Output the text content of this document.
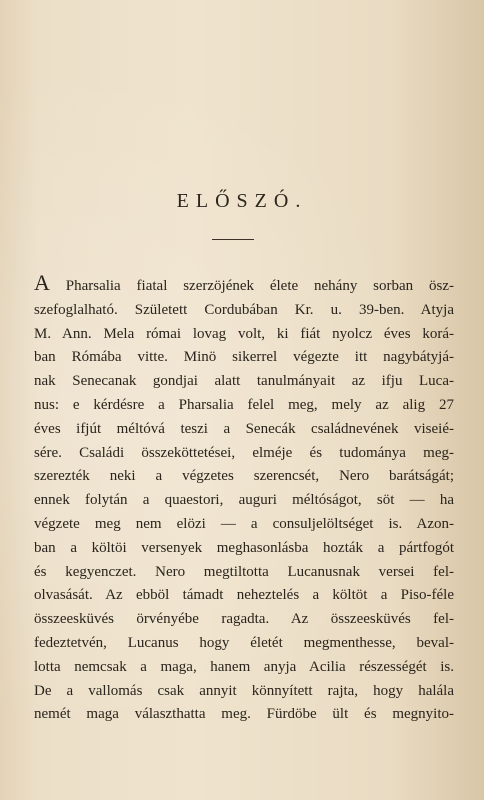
ELŐSZÓ.
A Pharsalia fiatal szerzöjének élete nehány sorban ösz-
szefoglalható. Született Cordubában Kr. u. 39-ben. Atyja
M. Ann. Mela római lovag volt, ki fiát nyolcz éves korá-
ban Rómába vitte. Minö sikerrel végezte itt nagybátyjá-
nak Senecanak gondjai alatt tanulmányait az ifju Lucа-
nus: e kérdésre a Pharsalia felel meg, mely az alig 27
éves ifjút méltóvá teszi a Senecák családnevének viseié-
sére. Családi összeköttetései, elméje és tudománya meg-
szerezték neki a végzetes szerencsét, Nero barátságát;
ennek folytán a quaestori, auguri méltóságot, söt — ha
végzete meg nem elözi — a consuljelöltséget is. Azon-
ban a költöi versenyek meghasonlásba hozták a pártfogót
és kegyenczet. Nero megtiltotta Lucanusnak versei fel-
olvasását. Az ebböl támadt neheztelés a költöt a Piso-féle
összeesküvés örvényébe ragadta. Az összeesküvés fel-
fedeztetvén, Lucanus hogy életét megmenthesse, beval-
lotta nemcsak a maga, hanem anyja Acilia részességét is.
De a vallomás csak annyit könnyített rajta, hogy halála
nemét maga választhatta meg. Fürdöbe ült és megnyito-
